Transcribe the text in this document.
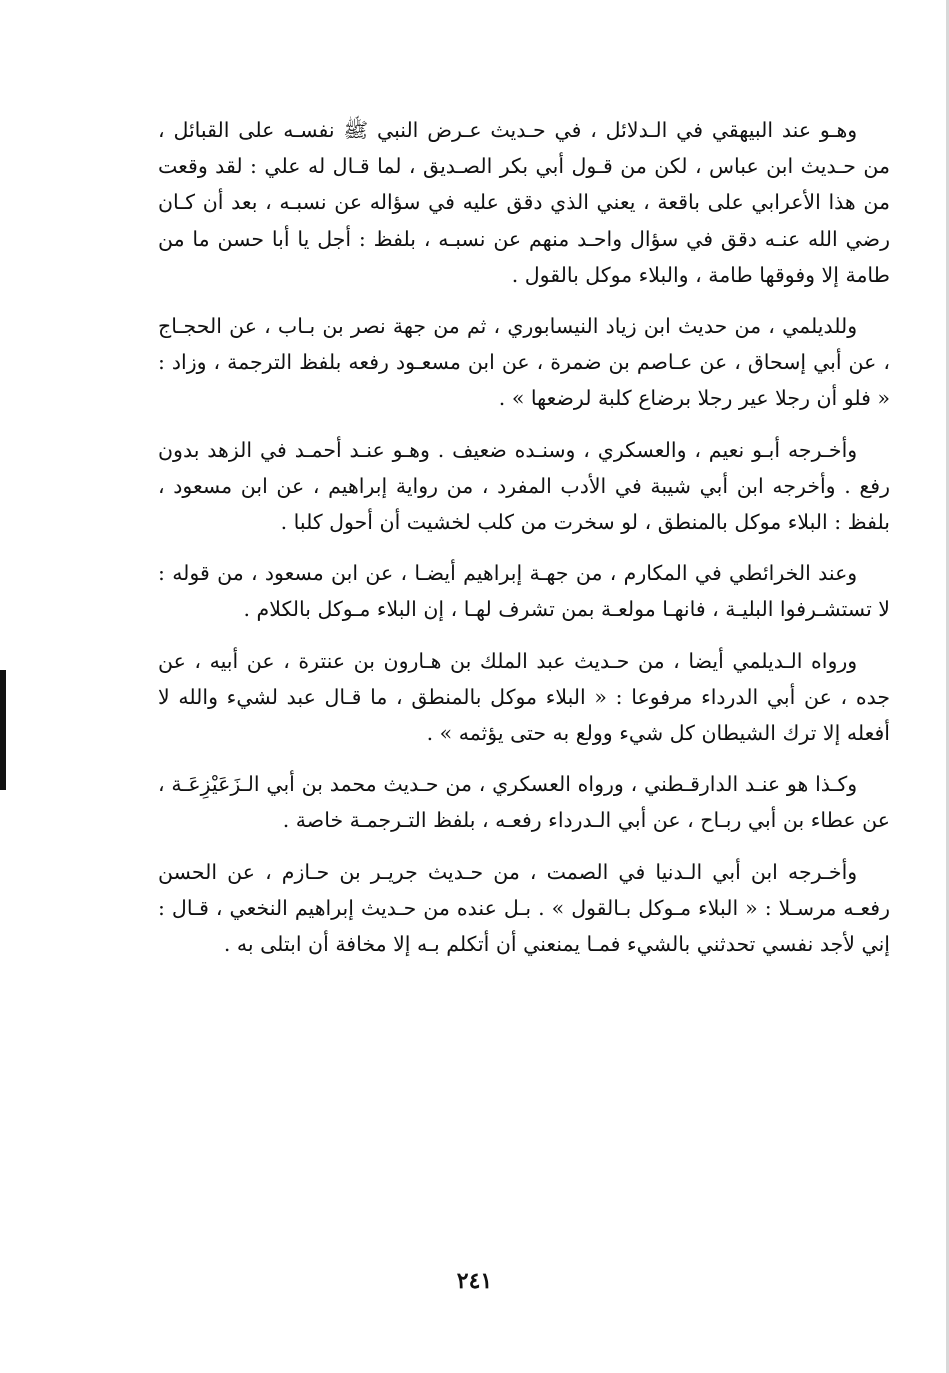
وهـو عند البيهقي في الـدلائل ، في حـديث عـرض النبي ﷺ نفسـه على القبائل ، من حـديث ابن عباس ، لكن من قـول أبي بكر الصـديق ، لما قـال له علي : لقد وقعت من هذا الأعرابي على باقعة ، يعني الذي دقق عليه في سؤاله عن نسبـه ، بعد أن كـان رضي الله عنـه دقق في سؤال واحـد منهم عن نسبـه ، بلفظ : أجل يا أبا حسن ما من طامة إلا وفوقها طامة ، والبلاء موكل بالقول .

وللديلمي ، من حديث ابن زياد النيسابوري ، ثم من جهة نصر بن بـاب ، عن الحجـاج ، عن أبي إسحاق ، عن عـاصم بن ضمرة ، عن ابن مسعـود رفعه بلفظ الترجمة ، وزاد : « فلو أن رجلا عير رجلا برضاع كلبة لرضعها » .

وأخـرجه أبـو نعيم ، والعسكري ، وسنـده ضعيف . وهـو عنـد أحمـد في الزهد بدون رفع . وأخرجه ابن أبي شيبة في الأدب المفرد ، من رواية إبراهيم ، عن ابن مسعود ، بلفظ : البلاء موكل بالمنطق ، لو سخرت من كلب لخشيت أن أحول كلبا .

وعند الخرائطي في المكارم ، من جهـة إبراهيم أيضـا ، عن ابن مسعود ، من قوله : لا تستشـرفوا البليـة ، فانهـا مولعـة بمن تشرف لهـا ، إن البلاء مـوكل بالكلام .

ورواه الـديلمي أيضا ، من حـديث عبد الملك بن هـارون بن عنترة ، عن أبيه ، عن جده ، عن أبي الدرداء مرفوعا : « البلاء موكل بالمنطق ، ما قـال عبد لشيء والله لا أفعله إلا ترك الشيطان كل شيء وولع به حتى يؤثمه » .

وكـذا هو عنـد الدارقـطني ، ورواه العسكري ، من حـديث محمد بن أبي الـزَعَيْزِعَـة ، عن عطاء بن أبي ربـاح ، عن أبي الـدرداء رفعـه ، بلفظ التـرجمـة خاصة .

وأخـرجه ابن أبي الـدنيا في الصمت ، من حـديث جريـر بن حـازم ، عن الحسن رفعـه مرسـلا : « البلاء مـوكل بـالقول » . بـل عنده من حـديث إبراهيم النخعي ، قـال : إني لأجد نفسي تحدثني بالشيء فمـا يمنعني أن أتكلم بـه إلا مخافة أن ابتلى به .

٢٤١
